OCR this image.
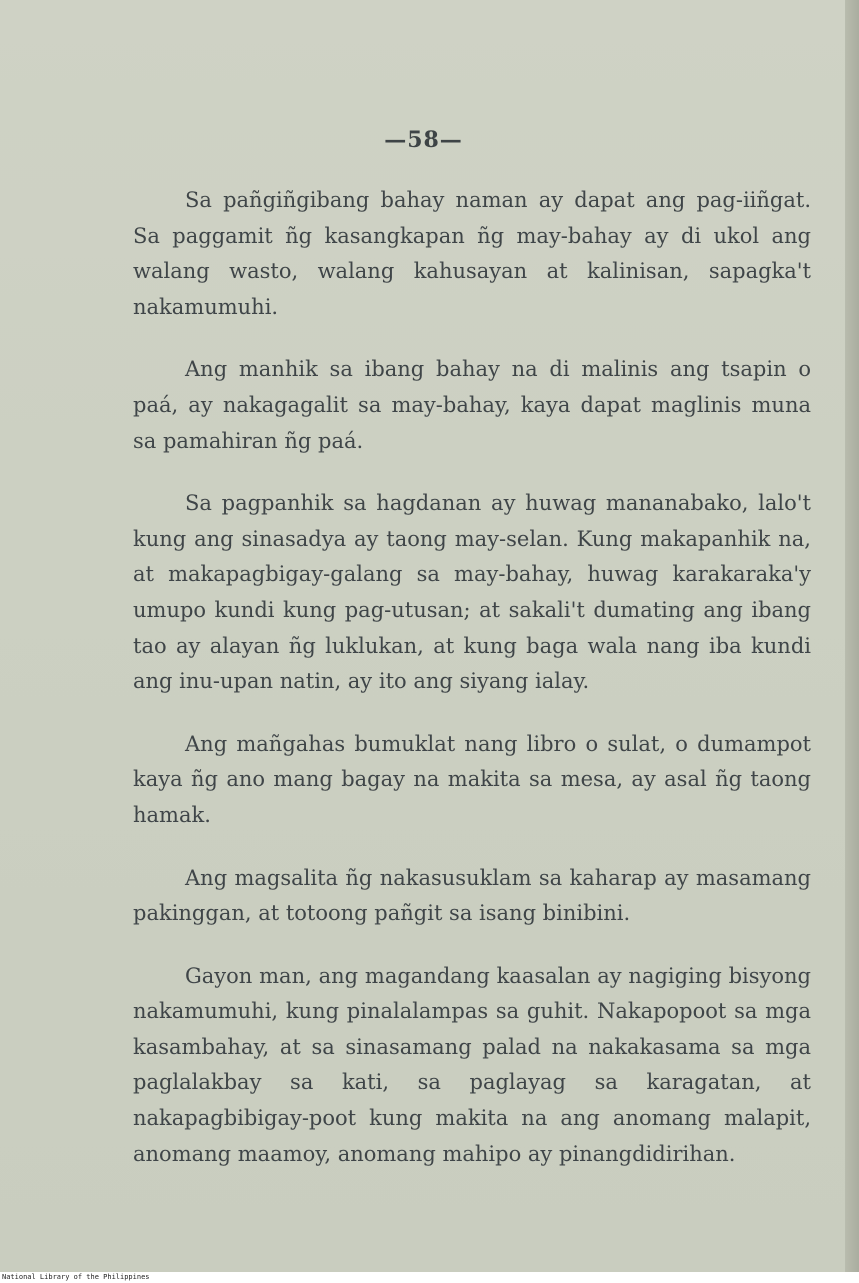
—58—

Sa pañgiñgibang bahay naman ay dapat ang pag-iiñgat. Sa paggamit ñg kasangkapan ñg may-bahay ay di ukol ang walang wasto, walang kahusayan at kalinisan, sapagka't nakamumuhi.

Ang manhik sa ibang bahay na di malinis ang tsapin o paá, ay nakagagalit sa may-bahay, kaya dapat maglinis muna sa pamahiran ñg paá.

Sa pagpanhik sa hagdanan ay huwag mananabako, lalo't kung ang sinasadya ay taong may-selan. Kung makapanhik na, at makapagbigay-galang sa may-bahay, huwag karakaraka'y umupo kundi kung pag-utusan; at sakali't dumating ang ibang tao ay alayan ñg luklukan, at kung baga wala nang iba kundi ang inu-upan natin, ay ito ang siyang ialay.

Ang mañgahas bumuklat nang libro o sulat, o dumampot kaya ñg ano mang bagay na makita sa mesa, ay asal ñg taong hamak.

Ang magsalita ñg nakasusuklam sa kaharap ay masamang pakinggan, at totoong pañgit sa isang binibini.

Gayon man, ang magandang kaasalan ay nagiging bisyong nakamumuhi, kung pinalalampas sa guhit. Nakapopoot sa mga kasambahay, at sa sinasamang palad na nakakasama sa mga paglalakbay sa kati, sa paglayag sa karagatan, at nakapagbibigay-poot kung makita na ang anomang malapit, anomang maamoy, anomang mahipo ay pinangdidirihan.

National Library of the Philippines
